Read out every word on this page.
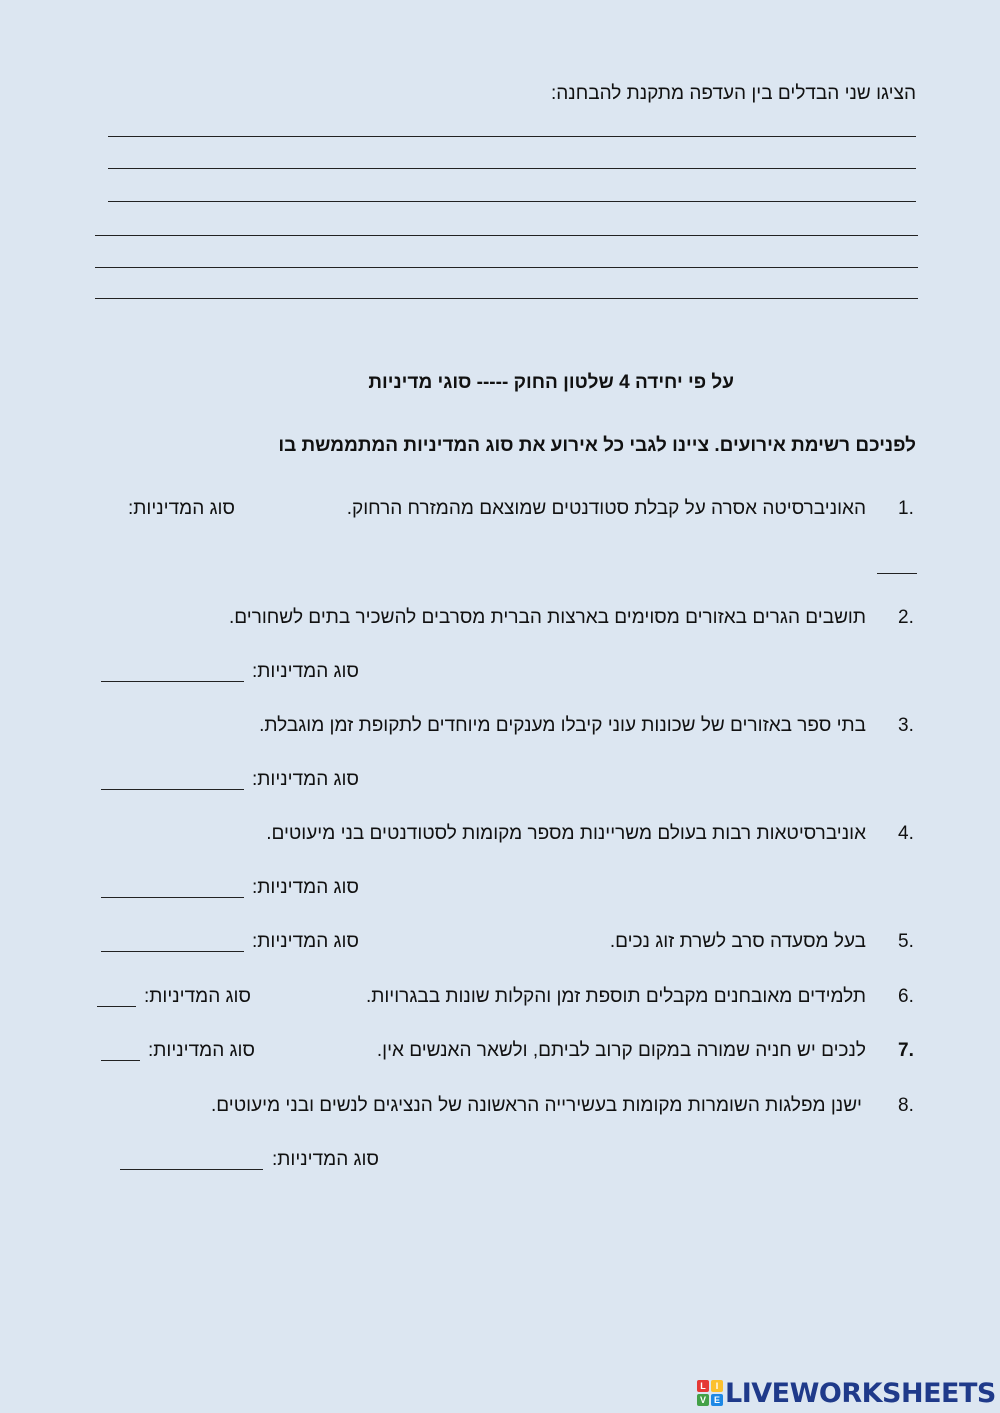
הציגו שני הבדלים בין העדפה מתקנת להבחנה:
על פי יחידה 4 שלטון החוק ----- סוגי מדיניות
לפניכם רשימת אירועים. ציינו לגבי כל אירוע את סוג המדיניות המתממשת בו
1.
האוניברסיטה אסרה על קבלת סטודנטים שמוצאם מהמזרח הרחוק.
סוג המדיניות:
2.
תושבים הגרים באזורים מסוימים בארצות הברית מסרבים להשכיר בתים לשחורים.
סוג המדיניות:
3.
בתי ספר באזורים של שכונות עוני קיבלו מענקים מיוחדים לתקופת זמן מוגבלת.
סוג המדיניות:
4.
אוניברסיטאות רבות בעולם משריינות מספר מקומות לסטודנטים בני מיעוטים.
סוג המדיניות:
5.
בעל מסעדה סרב לשרת זוג נכים.
סוג המדיניות:
6.
תלמידים מאובחנים מקבלים תוספת זמן והקלות שונות בבגרויות.
סוג המדיניות:
7.
לנכים יש חניה שמורה במקום קרוב לביתם, ולשאר האנשים אין.
סוג המדיניות:
8.
ישנן מפלגות השומרות מקומות בעשירייה הראשונה של הנציגים לנשים ובני מיעוטים.
סוג המדיניות:
L	I
V E LIVEWORKSHEETS
